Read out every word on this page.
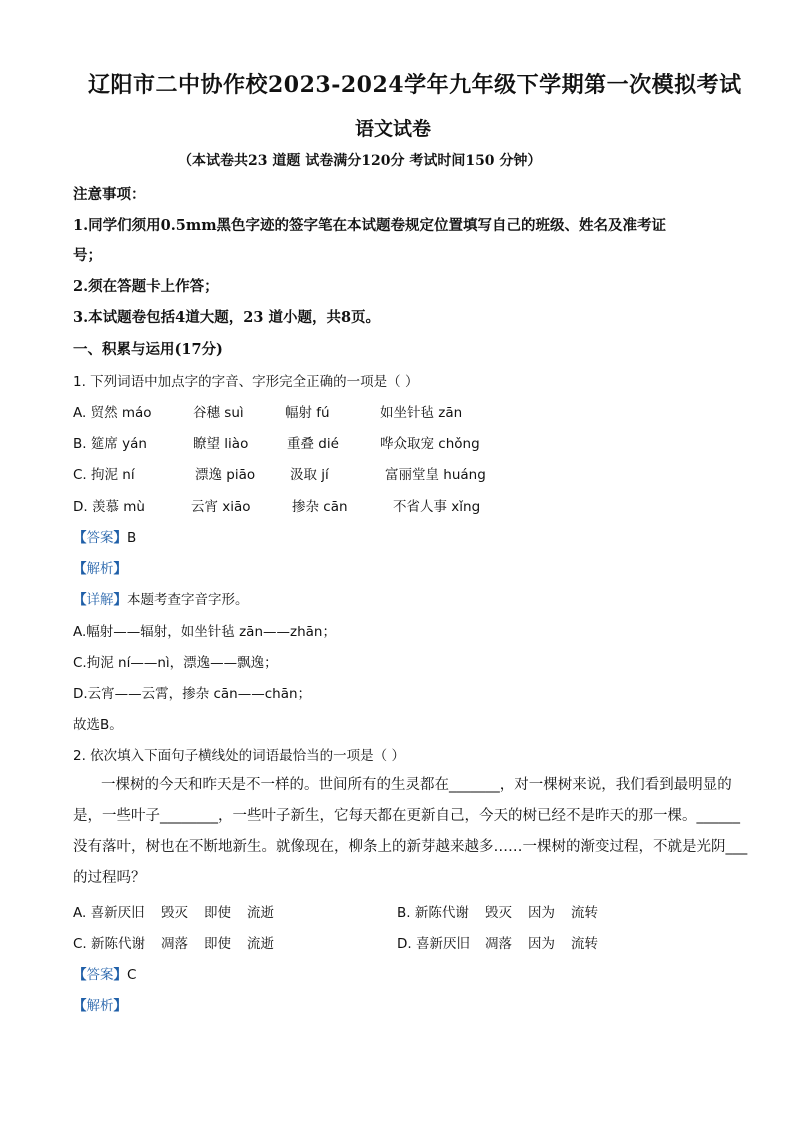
辽阳市二中协作校2023-2024学年九年级下学期第一次模拟考试
语文试卷
（本试卷共23 道题 试卷满分120分 考试时间150 分钟）
注意事项：
1.同学们须用0.5mm黑色字迹的签字笔在本试题卷规定位置填写自己的班级、姓名及准考证
号；
2.须在答题卡上作答；
3.本试题卷包括4道大题，23 道小题，共8页。
一、积累与运用(17分)
1. 下列词语中加点字的字音、字形完全正确的一项是（ ）
A. 贸然 máo	谷穗 suì	幅射 fú	如坐针毡 zān
B. 筵席 yán	瞭望 liào	重叠 dié	哗众取宠 chǒng
C. 拘泥 ní	漂逸 piāo	汲取 jí	富丽堂皇 huáng
D. 羡慕 mù	云宵 xiāo	掺杂 cān	不省人事 xǐng
【答案】B
【解析】
【详解】本题考查字音字形。
A.幅射——辐射，如坐针毡 zān——zhān；
C.拘泥 ní——nì，漂逸——飘逸；
D.云宵——云霄，掺杂 cān——chān；
故选B。
2. 依次填入下面句子横线处的词语最恰当的一项是（ ）
一棵树的今天和昨天是不一样的。世间所有的生灵都在_______，对一棵树来说，我们看到最明显的
是，一些叶子________，一些叶子新生，它每天都在更新自己，今天的树已经不是昨天的那一棵。______
没有落叶，树也在不断地新生。就像现在，柳条上的新芽越来越多……一棵树的渐变过程，不就是光阴___
的过程吗？
A. 喜新厌旧 毁灭 即使 流逝	B. 新陈代谢 毁灭 因为 流转
C. 新陈代谢 凋落 即使 流逝	D. 喜新厌旧 凋落 因为 流转
【答案】C
【解析】
